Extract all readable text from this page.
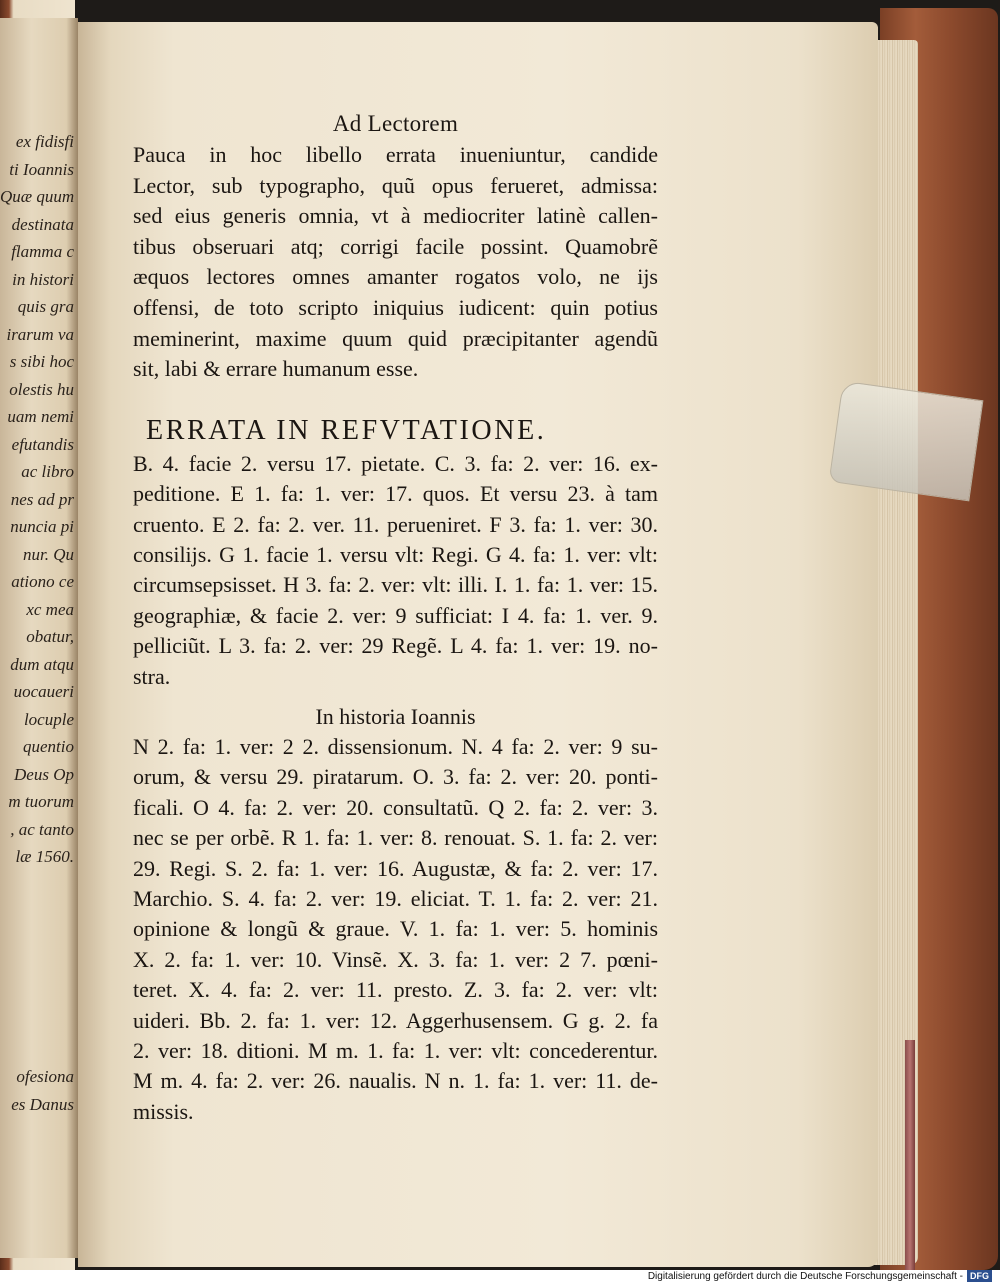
ex fidisfi
ti Ioannis
Quæ quum
destinata
flamma c
in histori
quis gra
irarum va
s sibi hoc
olestis hu
uam nemi
efutandis
ac libro
nes ad pr
nuncia pi
nur. Qu
ationo ce
xc mea
obatur,
dum atqu
uocaueri
locuple
quentio
Deus Op
m tuorum
, ac tanto
læ 1560.

ofesiona
es Danus

Ad Lectorem

Pauca in hoc libello errata inueniuntur, candide
Lector, sub typographo, quũ opus ferueret, admissa:
sed eius generis omnia, vt à mediocriter latinè callen-
tibus obseruari atq; corrigi facile possint. Quamobrẽ
æquos lectores omnes amanter rogatos volo, ne ijs
offensi, de toto scripto iniquius iudicent: quin potius
meminerint, maxime quum quid præcipitanter agendũ
sit, labi & errare humanum esse.

ERRATA IN REFVTATIONE.

B. 4. facie 2. versu 17. pietate. C. 3. fa: 2. ver: 16. ex-
peditione. E 1. fa: 1. ver: 17. quos. Et versu 23. à tam
cruento. E 2. fa: 2. ver. 11. perueniret. F 3. fa: 1. ver: 30.
consilijs. G 1. facie 1. versu vlt: Regi. G 4. fa: 1. ver: vlt:
circumsepsisset. H 3. fa: 2. ver: vlt: illi. I. 1. fa: 1. ver: 15.
geographiæ, & facie 2. ver: 9 sufficiat: I 4. fa: 1. ver. 9.
pelliciũt. L 3. fa: 2. ver: 29 Regẽ. L 4. fa: 1. ver: 19. no-
stra.

In historia Ioannis

N 2. fa: 1. ver: 2 2. dissensionum. N. 4 fa: 2. ver: 9 su-
orum, & versu 29. piratarum. O. 3. fa: 2. ver: 20. ponti-
ficali. O 4. fa: 2. ver: 20. consultatũ. Q 2. fa: 2. ver: 3.
nec se per orbẽ. R 1. fa: 1. ver: 8. renouat. S. 1. fa: 2. ver:
29. Regi. S. 2. fa: 1. ver: 16. Augustæ, & fa: 2. ver: 17.
Marchio. S. 4. fa: 2. ver: 19. eliciat. T. 1. fa: 2. ver: 21.
opinione & longũ & graue. V. 1. fa: 1. ver: 5. hominis
X. 2. fa: 1. ver: 10. Vinsẽ. X. 3. fa: 1. ver: 2 7. pœni-
teret. X. 4. fa: 2. ver: 11. presto. Z. 3. fa: 2. ver: vlt:
uideri. Bb. 2. fa: 1. ver: 12. Aggerhusensem. G g. 2. fa
2. ver: 18. ditioni. M m. 1. fa: 1. ver: vlt: concederentur.
M m. 4. fa: 2. ver: 26. naualis. N n. 1. fa: 1. ver: 11. de-
missis.

Digitalisierung gefördert durch die Deutsche Forschungsgemeinschaft - DFG
